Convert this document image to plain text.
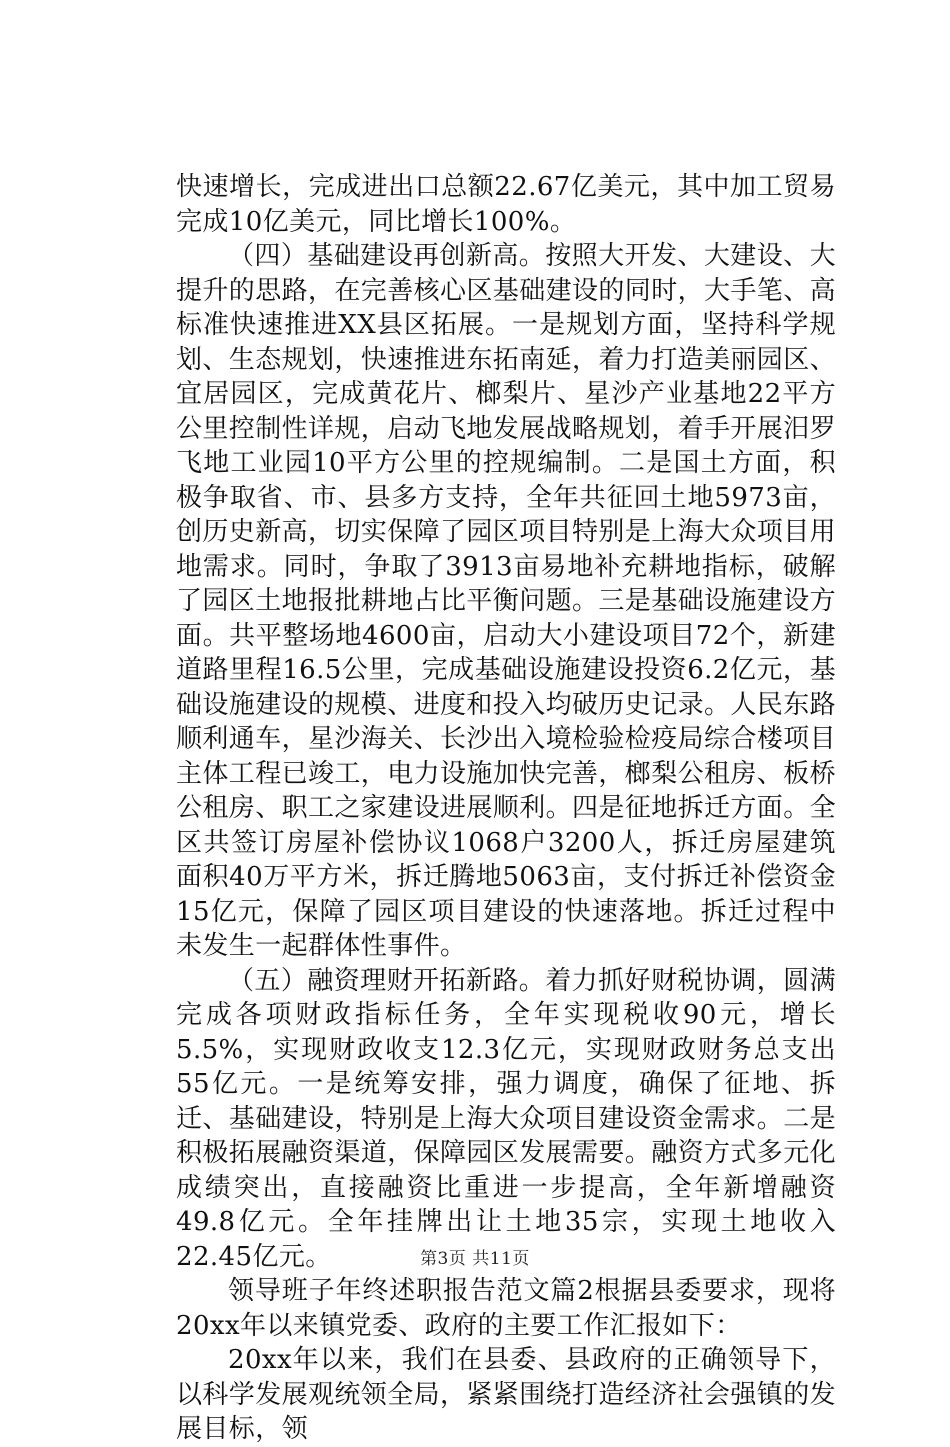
快速增长，完成进出口总额22.67亿美元，其中加工贸易完成10亿美元，同比增长100%。

（四）基础建设再创新高。按照大开发、大建设、大提升的思路，在完善核心区基础建设的同时，大手笔、高标准快速推进XX县区拓展。一是规划方面，坚持科学规划、生态规划，快速推进东拓南延，着力打造美丽园区、宜居园区，完成黄花片、榔梨片、星沙产业基地22平方公里控制性详规，启动飞地发展战略规划，着手开展汨罗飞地工业园10平方公里的控规编制。二是国土方面，积极争取省、市、县多方支持，全年共征回土地5973亩，创历史新高，切实保障了园区项目特别是上海大众项目用地需求。同时，争取了3913亩易地补充耕地指标，破解了园区土地报批耕地占比平衡问题。三是基础设施建设方面。共平整场地4600亩，启动大小建设项目72个，新建道路里程16.5公里，完成基础设施建设投资6.2亿元，基础设施建设的规模、进度和投入均破历史记录。人民东路顺利通车，星沙海关、长沙出入境检验检疫局综合楼项目主体工程已竣工，电力设施加快完善，榔梨公租房、板桥公租房、职工之家建设进展顺利。四是征地拆迁方面。全区共签订房屋补偿协议1068户3200人，拆迁房屋建筑面积40万平方米，拆迁腾地5063亩，支付拆迁补偿资金15亿元，保障了园区项目建设的快速落地。拆迁过程中未发生一起群体性事件。

（五）融资理财开拓新路。着力抓好财税协调，圆满完成各项财政指标任务，全年实现税收90元，增长5.5%，实现财政收支12.3亿元，实现财政财务总支出55亿元。一是统筹安排，强力调度，确保了征地、拆迁、基础建设，特别是上海大众项目建设资金需求。二是积极拓展融资渠道，保障园区发展需要。融资方式多元化成绩突出，直接融资比重进一步提高，全年新增融资49.8亿元。全年挂牌出让土地35宗，实现土地收入22.45亿元。

领导班子年终述职报告范文篇2根据县委要求，现将20xx年以来镇党委、政府的主要工作汇报如下：

20xx年以来，我们在县委、县政府的正确领导下，以科学发展观统领全局，紧紧围绕打造经济社会强镇的发展目标，领

第3页 共11页
